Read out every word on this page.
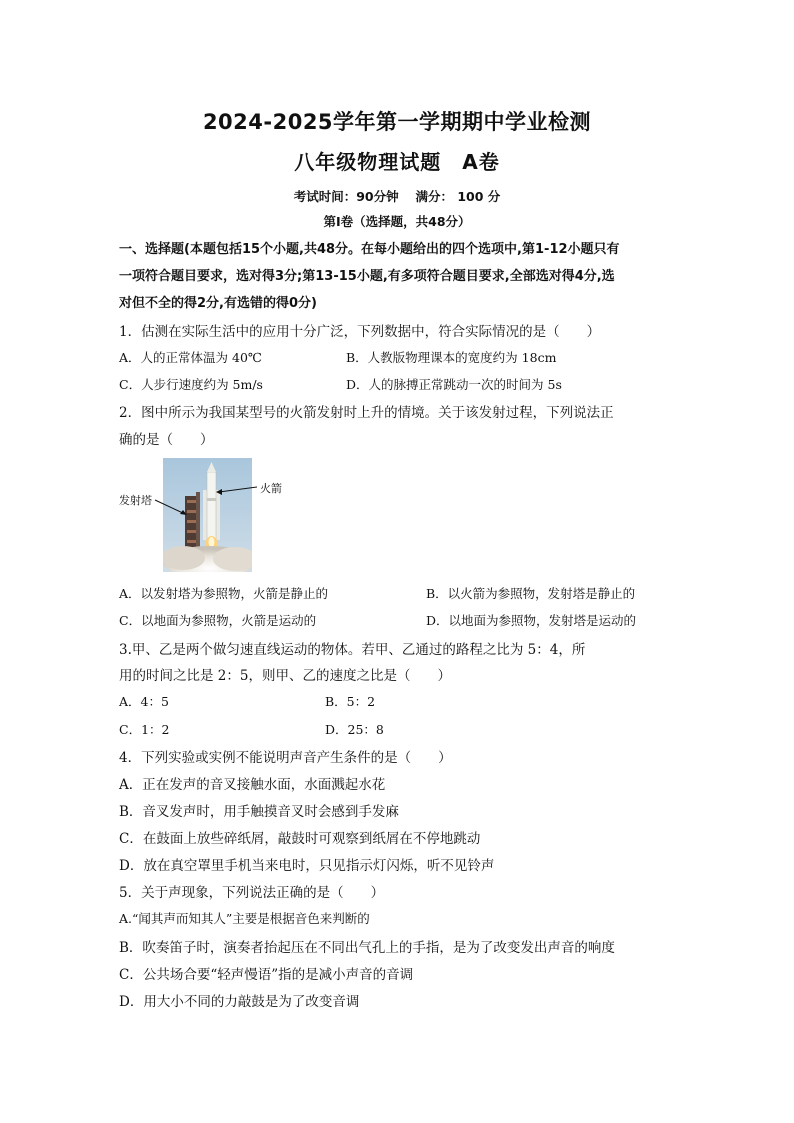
2024-2025学年第一学期期中学业检测
八年级物理试题　A卷
考试时间：90分钟　 满分： 100 分
第Ⅰ卷（选择题，共48分）
一、选择题(本题包括15个小题,共48分。在每小题给出的四个选项中,第1-12小题只有
一项符合题目要求，选对得3分;第13-15小题,有多项符合题目要求,全部选对得4分,选
对但不全的得2分,有选错的得0分)
1．估测在实际生活中的应用十分广泛，下列数据中，符合实际情况的是（　　）
A．人的正常体温为 40℃	B．人教版物理课本的宽度约为 18cm
C．人步行速度约为 5m/s	D．人的脉搏正常跳动一次的时间为 5s
2．图中所示为我国某型号的火箭发射时上升的情境。关于该发射过程，下列说法正
确的是（　　）
发射塔
火箭
A．以发射塔为参照物，火箭是静止的	B．以火箭为参照物，发射塔是静止的
C．以地面为参照物，火箭是运动的	D．以地面为参照物，发射塔是运动的
3.甲、乙是两个做匀速直线运动的物体。若甲、乙通过的路程之比为 5：4，所
用的时间之比是 2：5，则甲、乙的速度之比是（　　）
A．4：5	B．5：2
C．1：2	D．25：8
4．下列实验或实例不能说明声音产生条件的是（　　）
A．正在发声的音叉接触水面，水面溅起水花
B．音叉发声时，用手触摸音叉时会感到手发麻
C．在鼓面上放些碎纸屑，敲鼓时可观察到纸屑在不停地跳动
D．放在真空罩里手机当来电时，只见指示灯闪烁，听不见铃声
5．关于声现象，下列说法正确的是（　　）
A.“闻其声而知其人”主要是根据音色来判断的
B．吹奏笛子时，演奏者抬起压在不同出气孔上的手指，是为了改变发出声音的响度
C．公共场合要“轻声慢语”指的是减小声音的音调
D．用大小不同的力敲鼓是为了改变音调
